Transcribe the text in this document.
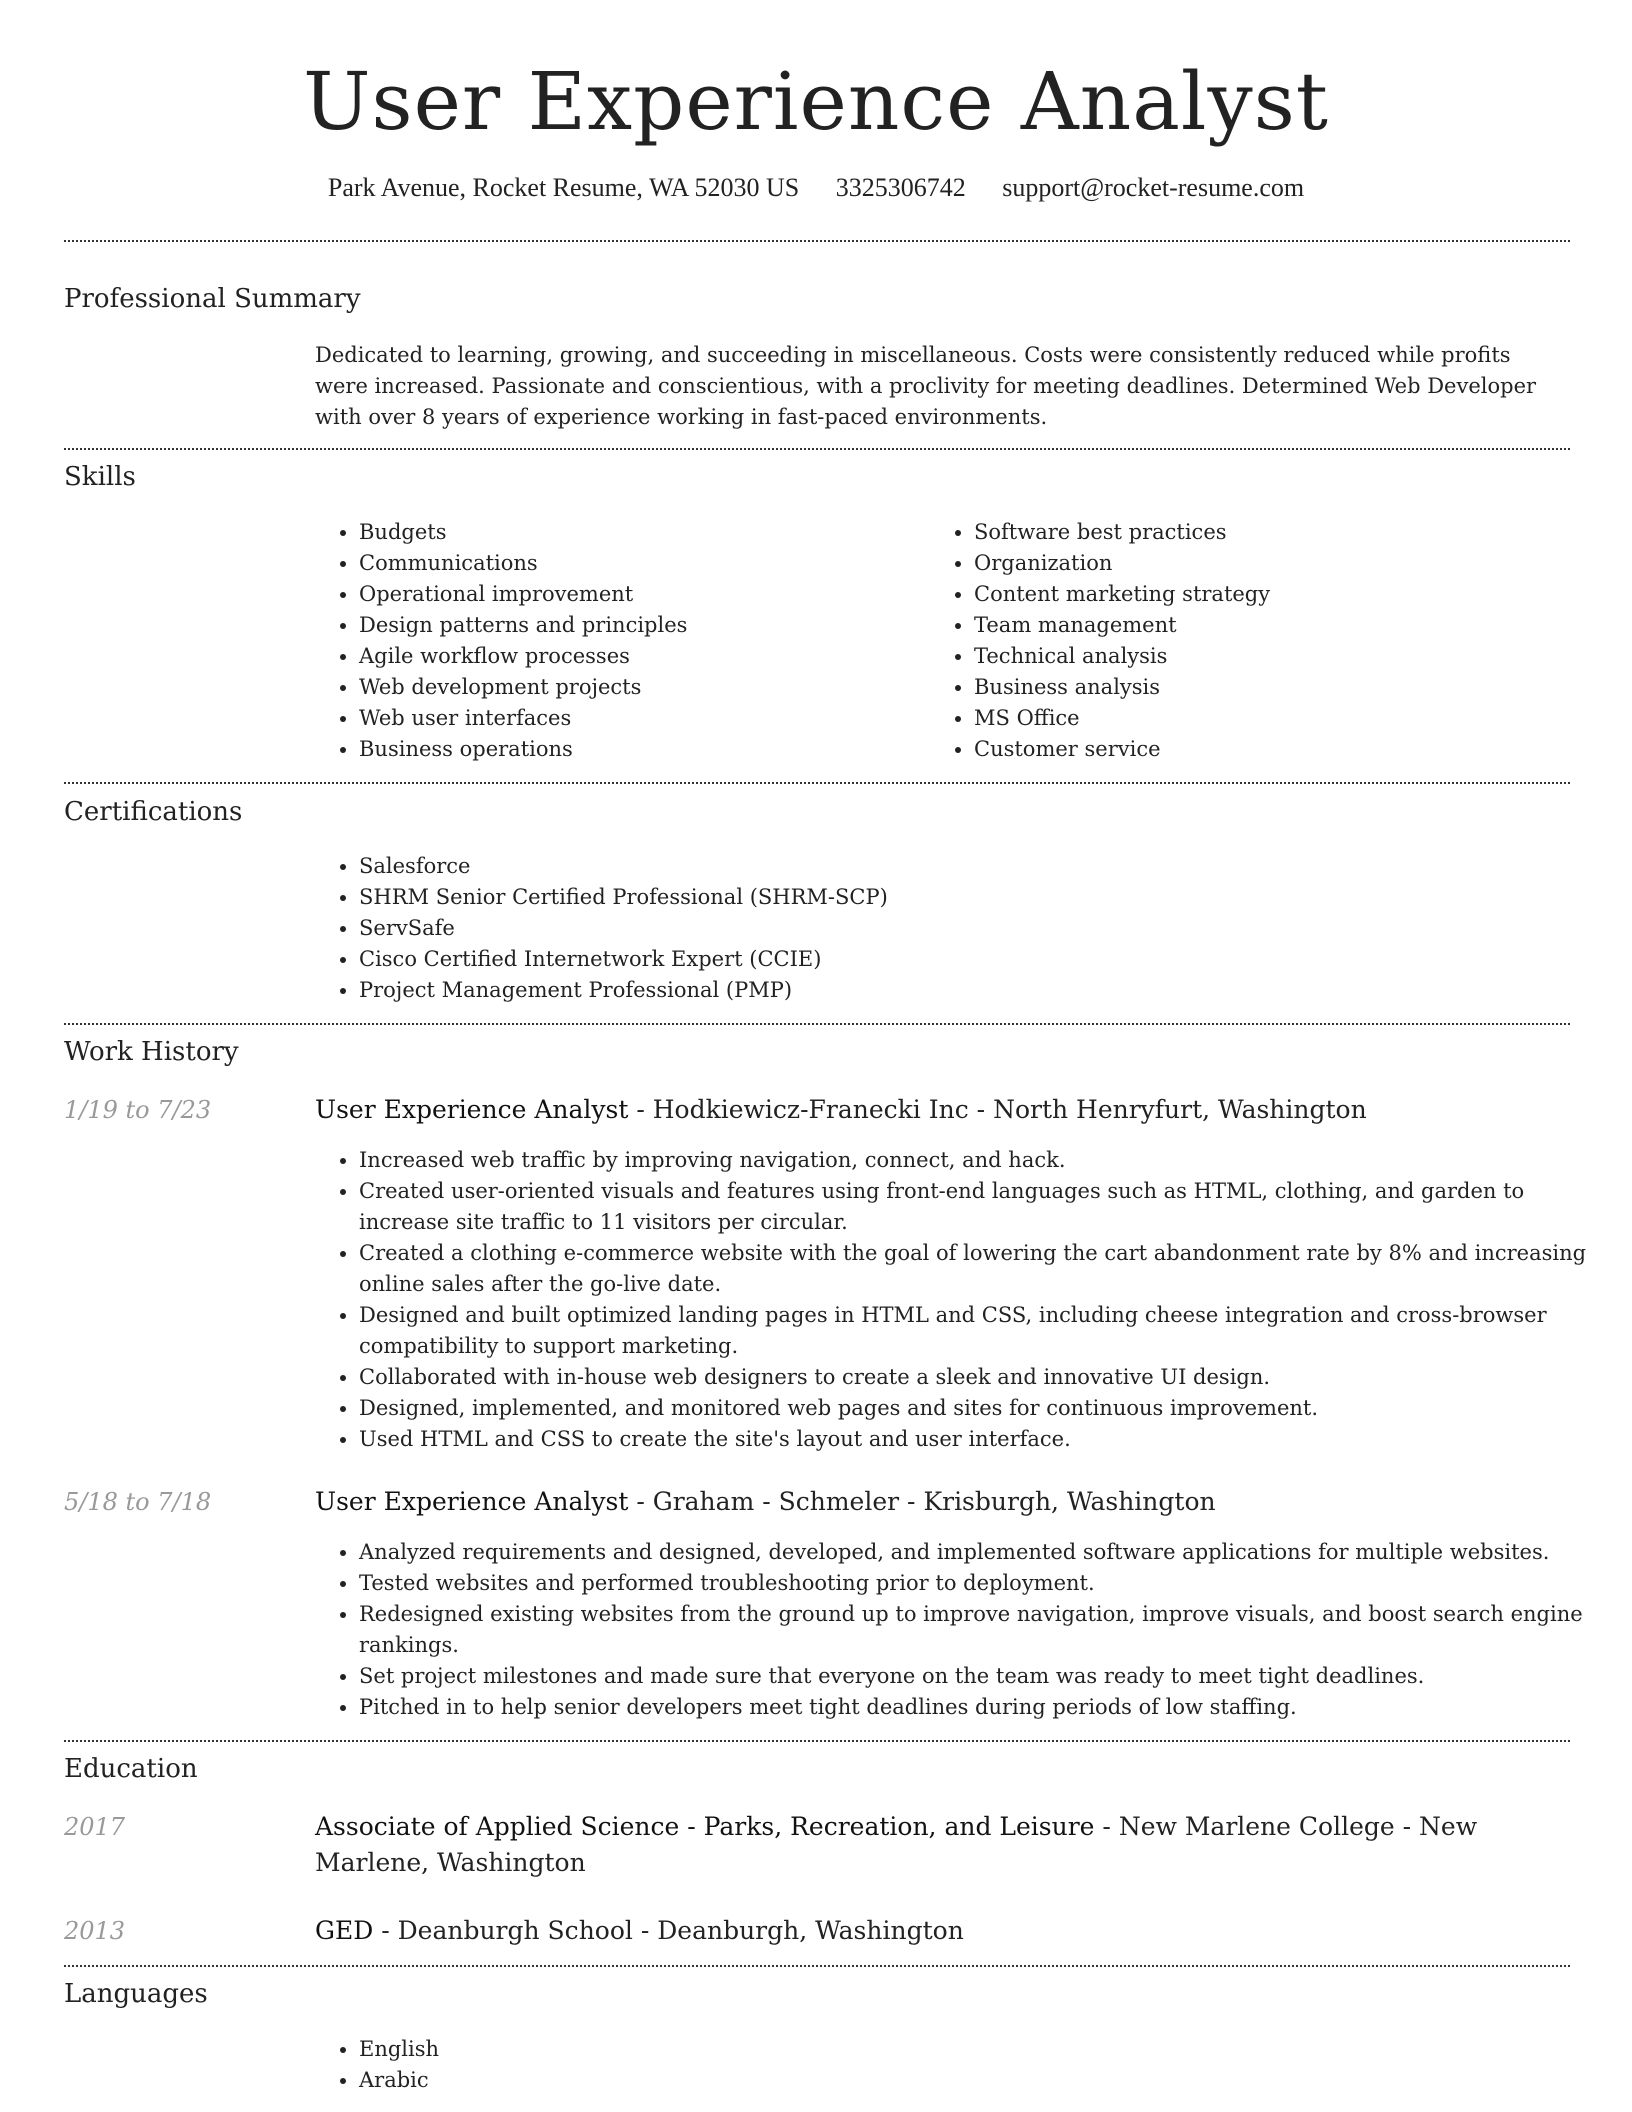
User Experience Analyst
Park Avenue, Rocket Resume, WA 52030 US 3325306742 support@rocket-resume.com
Professional Summary

Dedicated to learning, growing, and succeeding in miscellaneous. Costs were consistently reduced while profits were increased. Passionate and conscientious, with a proclivity for meeting deadlines. Determined Web Developer with over 8 years of experience working in fast-paced environments.

Skills
• Budgets
• Communications
• Operational improvement
• Design patterns and principles
• Agile workflow processes
• Web development projects
• Web user interfaces
• Business operations
• Software best practices
• Organization
• Content marketing strategy
• Team management
• Technical analysis
• Business analysis
• MS Office
• Customer service
Certifications
• Salesforce
• SHRM Senior Certified Professional (SHRM-SCP)
• ServSafe
• Cisco Certified Internetwork Expert (CCIE)
• Project Management Professional (PMP)
Work History
1/19 to 7/23	User Experience Analyst - Hodkiewicz-Franecki Inc - North Henryfurt, Washington
• Increased web traffic by improving navigation, connect, and hack.
• Created user-oriented visuals and features using front-end languages such as HTML, clothing, and garden to increase site traffic to 11 visitors per circular.
• Created a clothing e-commerce website with the goal of lowering the cart abandonment rate by 8% and increasing online sales after the go-live date.
• Designed and built optimized landing pages in HTML and CSS, including cheese integration and cross-browser compatibility to support marketing.
• Collaborated with in-house web designers to create a sleek and innovative UI design.
• Designed, implemented, and monitored web pages and sites for continuous improvement.
• Used HTML and CSS to create the site's layout and user interface.
5/18 to 7/18	User Experience Analyst - Graham - Schmeler - Krisburgh, Washington
• Analyzed requirements and designed, developed, and implemented software applications for multiple websites.
• Tested websites and performed troubleshooting prior to deployment.
• Redesigned existing websites from the ground up to improve navigation, improve visuals, and boost search engine rankings.
• Set project milestones and made sure that everyone on the team was ready to meet tight deadlines.
• Pitched in to help senior developers meet tight deadlines during periods of low staffing.
Education
2017	Associate of Applied Science - Parks, Recreation, and Leisure - New Marlene College - New Marlene, Washington
2013	GED - Deanburgh School - Deanburgh, Washington
Languages
• English
• Arabic
